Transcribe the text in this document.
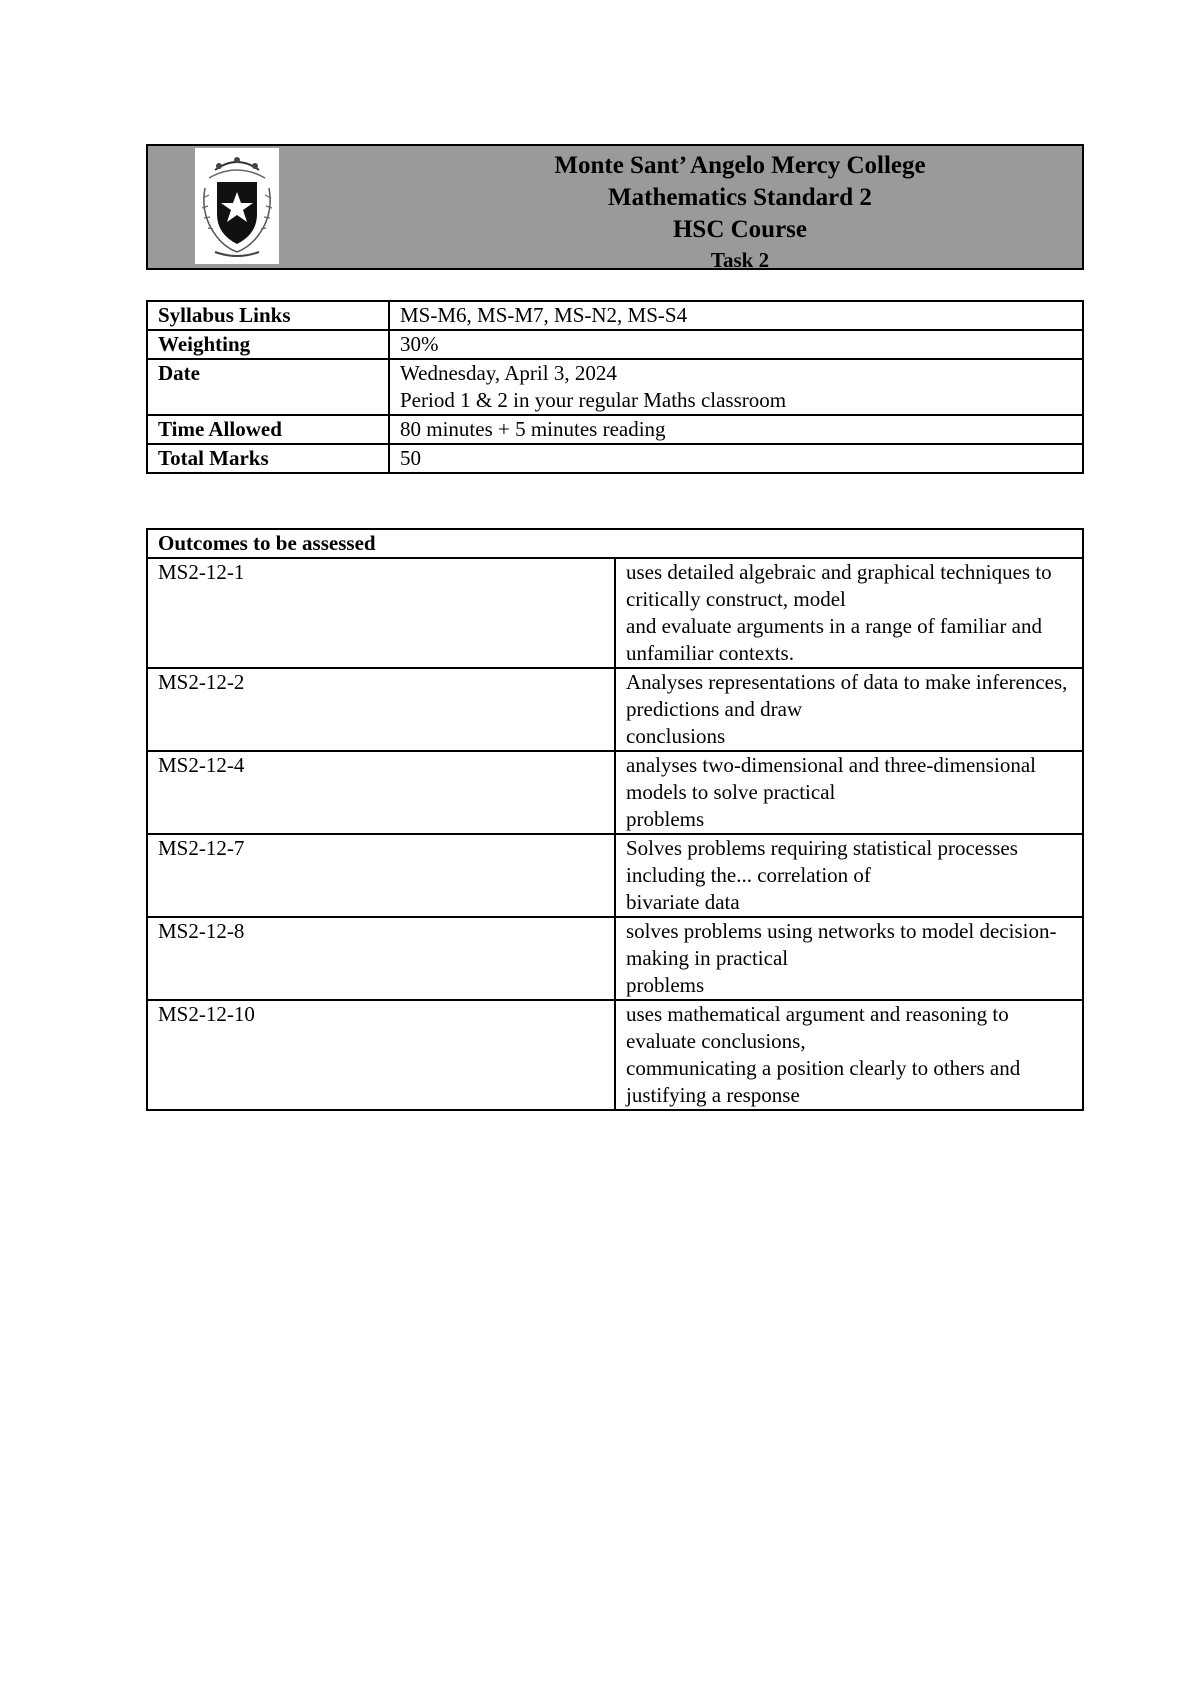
Monte Sant’ Angelo Mercy College
Mathematics Standard 2
HSC Course
Task 2
Syllabus Links	MS-M6, MS-M7, MS-N2, MS-S4
Weighting	30%
Date	Wednesday, April 3, 2024
Period 1 & 2 in your regular Maths classroom

Time Allowed	80 minutes + 5 minutes reading
Total Marks	50
Outcomes to be assessed	
MS2-12-1	uses detailed algebraic and graphical techniques to critically construct, model
and evaluate arguments in a range of familiar and unfamiliar contexts.

MS2-12-2	Analyses representations of data to make inferences, predictions and draw
conclusions

MS2-12-4	analyses two-dimensional and three-dimensional models to solve practical
problems

MS2-12-7	Solves problems requiring statistical processes including the... correlation of
bivariate data

MS2-12-8	solves problems using networks to model decision-making in practical
problems

MS2-12-10	uses mathematical argument and reasoning to evaluate conclusions,
communicating a position clearly to others and justifying a response
